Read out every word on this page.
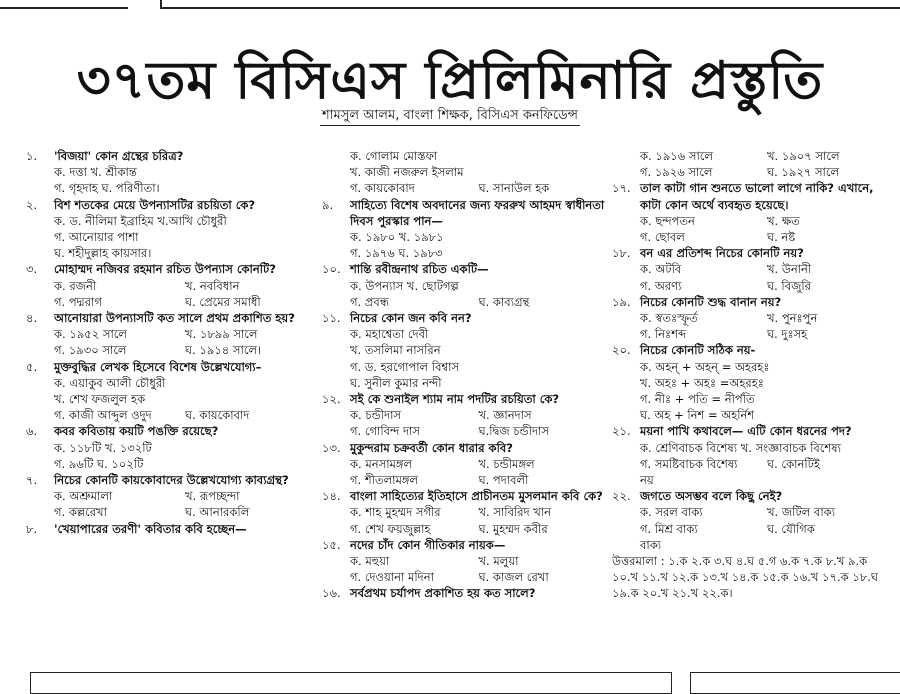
৩৭তম বিসিএস প্রিলিমিনারি প্রস্তুতি
শামসুল আলম, বাংলা শিক্ষক, বিসিএস কনফিডেন্স
১.	'বিজয়া' কোন গ্রন্থের চরিত্র?
ক. দত্তা খ. শ্রীকান্ত
গ. গৃহদাহ ঘ. পরিণীতা।
২.	বিশ শতকের মেয়ে উপন্যাসটির রচয়িতা কে?
ক. ড. নীলিমা ইব্রাহিম খ.আখি চৌধুরী
গ. আনোয়ার পাশা
ঘ. শহীদুল্লাহ কায়সার।
৩.	মোহাম্মদ নজিবর রহমান রচিত উপন্যাস কোনটি?
ক. রজনী	খ. নববিধান
গ. পদ্মরাগ	ঘ. প্রেমের সমাধী
৪.	আনোয়ারা উপন্যাসটি কত সালে প্রথম প্রকাশিত হয়?
ক. ১৯৫২ সালে	খ. ১৮৯৯ সালে
গ. ১৯৩০ সালে	ঘ. ১৯১৪ সালে।
৫.	মুক্তবুদ্ধির লেখক হিসেবে বিশেষ উল্লেখযোগ্য–
ক. এয়াকুব আলী চৌধুরী
খ. শেখ ফজলুল হক
গ. কাজী আব্দুল ওদুদ	ঘ. কায়কোবাদ
৬.	কবর কবিতায় কয়টি পঙক্তি রয়েছে?
ক. ১১৮টি খ. ১৩২টি
গ. ৯৬টি ঘ. ১০২টি
৭.	নিচের কোনটি কায়কোবাদের উল্লেখযোগ্য কাব্যগ্রন্থ?
ক. অশ্রুমালা	খ. রূপচ্ছন্দা
গ. কল্লরেখা	ঘ. আনারকলি
৮.	'খেয়াপারের তরণী' কবিতার কবি হচ্ছেন—
ক. গোলাম মোস্তফা
খ. কাজী নজরুল ইসলাম
গ. কায়কোবাদ	ঘ. সানাউল হক
৯.	সাহিত্যে বিশেষ অবদানের জন্য ফররুখ আহমদ স্বাধীনতা দিবস পুরস্কার পান—
ক. ১৯৮০ খ. ১৯৮১
গ. ১৯৭৬ ঘ. ১৯৮৩
১০. শান্তি রবীন্দ্রনাথ রচিত একটি—
ক. উপন্যাস খ. ছোটগল্প
গ. প্রবন্ধ	ঘ. কাব্যগ্রন্থ
১১. নিচের কোন জন কবি নন?
ক. মহাশ্বেতা দেবী
খ. তসলিমা নাসরিন
গ. ড. হরগোপাল বিশ্বাস
ঘ. সুনীল কুমার নন্দী
১২. সই কে শুনাইল শ্যাম নাম পদটির রচয়িতা কে?
ক. চন্ডীদাস	খ. জ্ঞানদাস
গ. গোবিন্দ দাস	ঘ.দ্বিজ চন্ডীদাস
১৩. মুকুন্দরাম চক্রবর্তী কোন ধারার কবি?
ক. মনসামঙ্গল	খ. চন্ডীমঙ্গল
গ. শীতলামঙ্গল	ঘ. পদাবলী
১৪. বাংলা সাহিত্যের ইতিহাসে প্রাচীনতম মুসলমান কবি কে?
ক. শাহ মুহম্মদ সগীর	খ. সাবিরিদ খান
গ. শেখ ফয়জুল্লাহ	ঘ. মুহম্মদ কবীর
১৫. নদের চাঁদ কোন গীতিকার নায়ক—
ক. মহুয়া	খ. মলুয়া
গ. দেওয়ানা মদিনা	ঘ. কাজল রেখা
১৬. সর্বপ্রথম চর্যাপদ প্রকাশিত হয় কত সালে?
ক. ১৯১৬ সালে	খ. ১৯০৭ সালে
গ. ১৯২৬ সালে	ঘ. ১৯২৭ সালে
১৭. তাল কাটা গান শুনতে ভালো লাগে নাকি? এখানে, কাটা কোন অর্থে ব্যবহৃত হয়েছে।
ক. ছন্দপতন	খ. ক্ষত
গ. ছোবল	ঘ. নষ্ট
১৮. বন এর প্রতিশব্দ নিচের কোনটি নয়?
ক. অটবি	খ. উনানী
গ. অরণ্য	ঘ. বিজুরি
১৯. নিচের কোনটি শুদ্ধ বানান নয়?
ক. স্বতঃস্ফূর্ত	খ. পুনঃপুন
গ. নিঃশব্দ	ঘ. দুঃসহ
২০. নিচের কোনটি সঠিক নয়-
ক. অহন্ + অহন্ = অহরহঃ
খ. অহঃ + অহঃ =অহরহঃ
গ. নীঃ + পতি = নীর্পতি
ঘ. অহ + নিশ = অহর্নিশ
২১. ময়না পাখি কথাবলে— এটি কোন ধরনের পদ?
ক. শ্রেণিবাচক বিশেষ্য খ. সংজ্ঞাবাচক বিশেষ্য
গ. সমষ্টিবাচক বিশেষ্য	ঘ. কোনটিই
নয়
২২. জগতে অসম্ভব বলে কিছু নেই?
ক. সরল বাক্য	খ. জটিল বাক্য
গ. মিশ্র বাক্য	ঘ. যৌগিক
বাক্য
উত্তরমালা : ১.ক ২.ক ৩.ঘ ৪.ঘ ৫.গ ৬.ক ৭.ক ৮.খ ৯.ক ১০.খ ১১.খ ১২.ক ১৩.খ ১৪.ক ১৫.ক ১৬.খ ১৭.ক ১৮.ঘ ১৯.ক ২০.খ ২১.খ ২২.ক।
